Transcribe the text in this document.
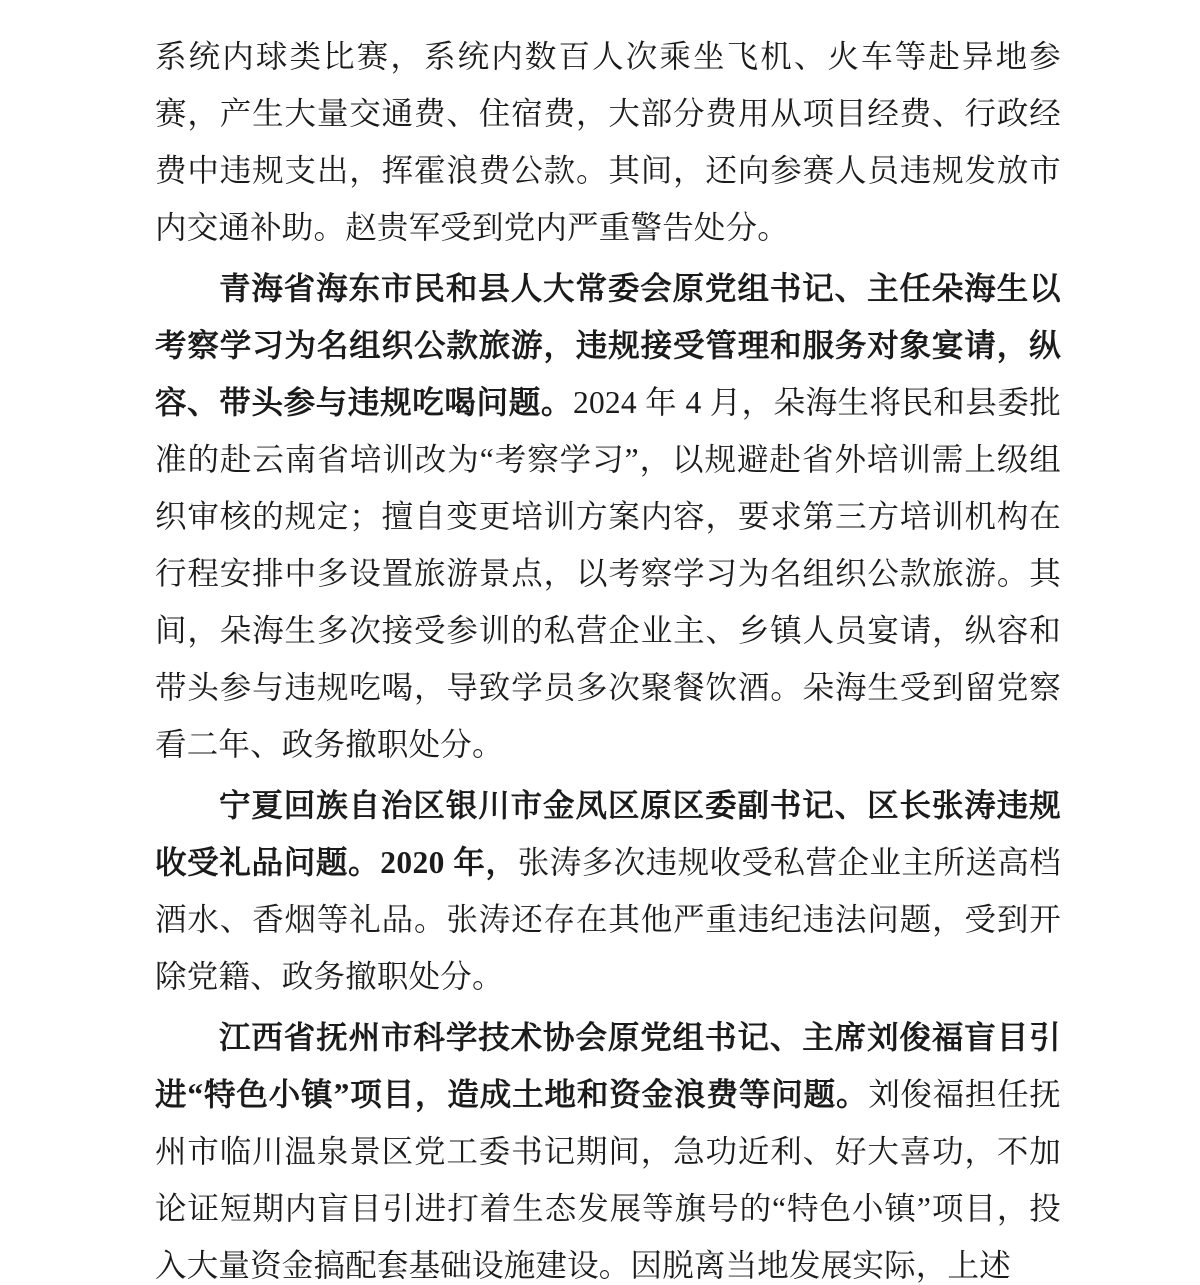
系统内球类比赛，系统内数百人次乘坐飞机、火车等赴异地参赛，产生大量交通费、住宿费，大部分费用从项目经费、行政经费中违规支出，挥霍浪费公款。其间，还向参赛人员违规发放市内交通补助。赵贵军受到党内严重警告处分。

青海省海东市民和县人大常委会原党组书记、主任朵海生以考察学习为名组织公款旅游，违规接受管理和服务对象宴请，纵容、带头参与违规吃喝问题。2024 年 4 月，朵海生将民和县委批准的赴云南省培训改为“考察学习”，以规避赴省外培训需上级组织审核的规定；擅自变更培训方案内容，要求第三方培训机构在行程安排中多设置旅游景点，以考察学习为名组织公款旅游。其间，朵海生多次接受参训的私营企业主、乡镇人员宴请，纵容和带头参与违规吃喝，导致学员多次聚餐饮酒。朵海生受到留党察看二年、政务撤职处分。

宁夏回族自治区银川市金凤区原区委副书记、区长张涛违规收受礼品问题。2020 年，张涛多次违规收受私营企业主所送高档酒水、香烟等礼品。张涛还存在其他严重违纪违法问题，受到开除党籍、政务撤职处分。

江西省抚州市科学技术协会原党组书记、主席刘俊福盲目引进“特色小镇”项目，造成土地和资金浪费等问题。刘俊福担任抚州市临川温泉景区党工委书记期间，急功近利、好大喜功，不加论证短期内盲目引进打着生态发展等旗号的“特色小镇”项目，投入大量资金搞配套基础设施建设。因脱离当地发展实际，上述
